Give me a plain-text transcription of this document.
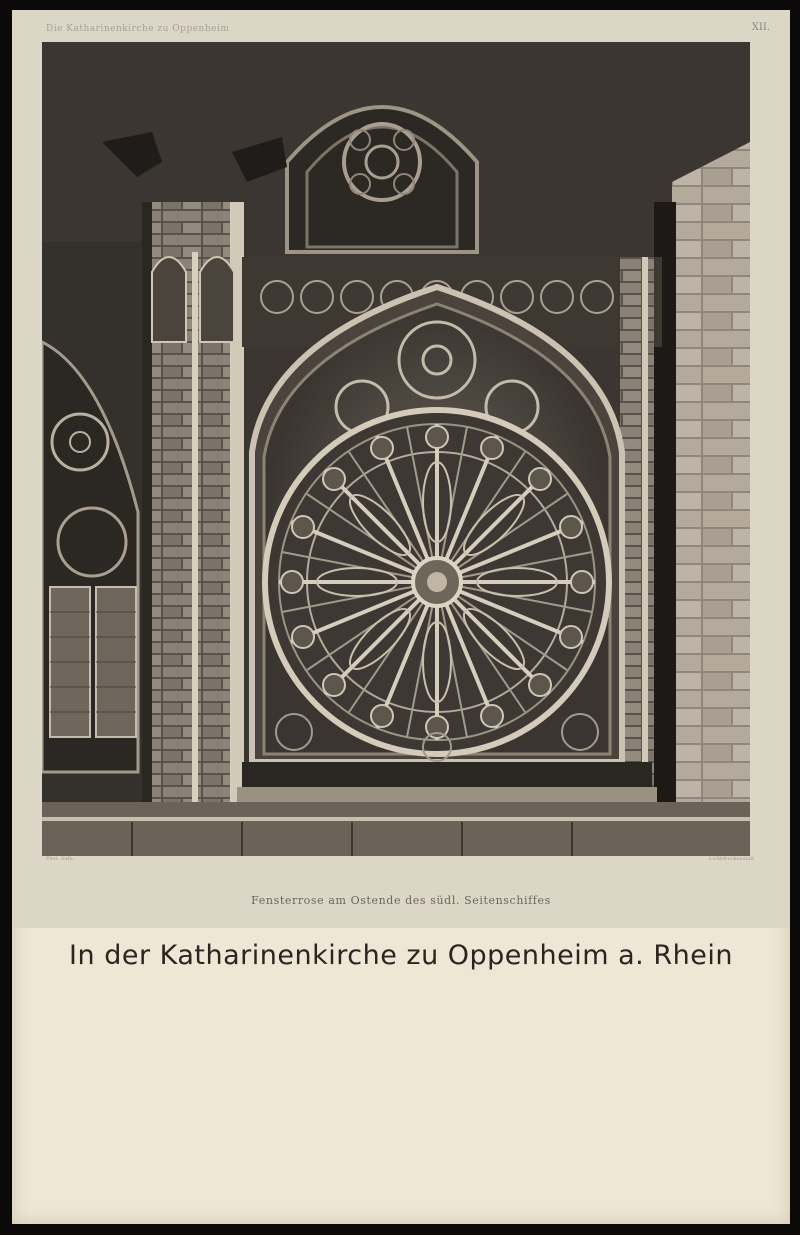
Die Katharinenkirche zu Oppenheim	XII.
Phot. Aufn.	Lichtdruckanstalt
Fensterrose am Ostende des südl. Seitenschiffes
In der Katharinenkirche zu Oppenheim a. Rhein
